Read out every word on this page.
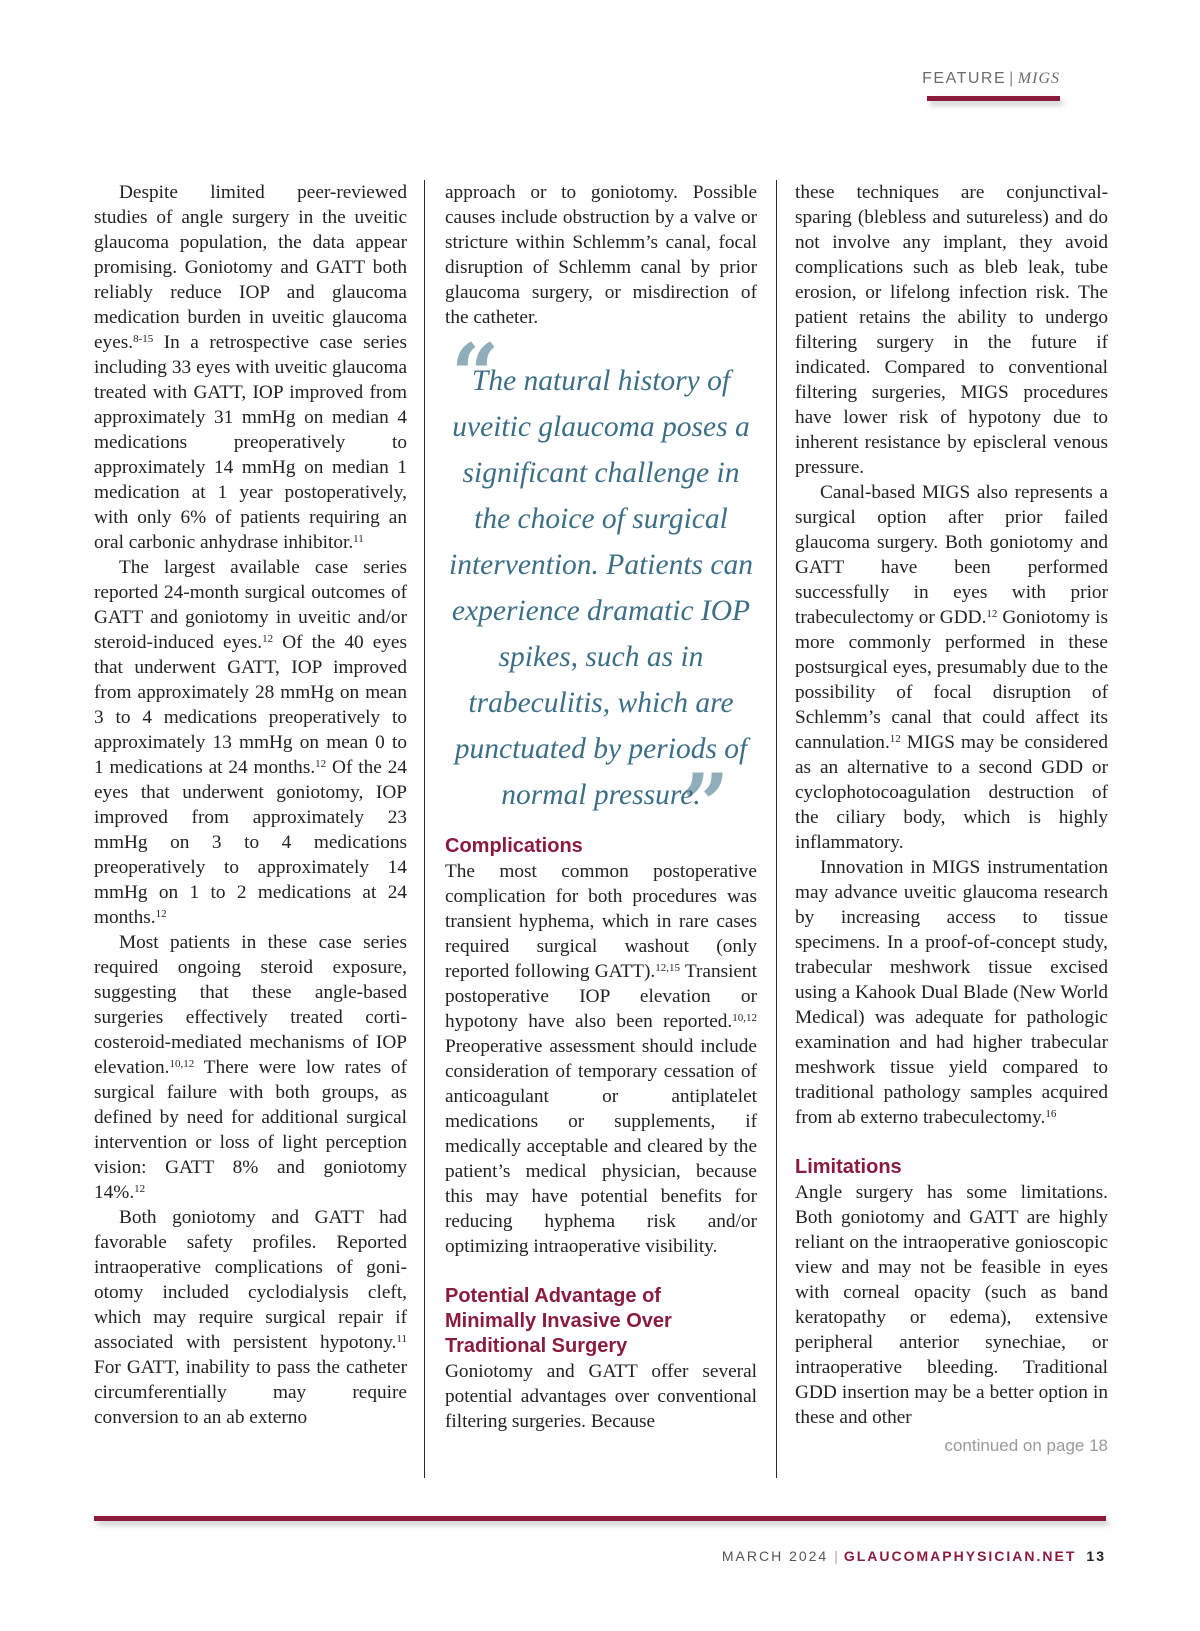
FEATURE | MIGS

Despite limited peer-reviewed studies of angle surgery in the uveitic glaucoma population, the data appear promising. Goniotomy and GATT both reliably reduce IOP and glaucoma medication burden in uveitic glaucoma eyes.$^{8-15}$ In a retrospective case series including 33 eyes with uveitic glaucoma treated with GATT, IOP improved from approximately 31 mmHg on median 4 medications preoperatively to approximately 14 mmHg on median 1 medication at 1 year postoperatively, with only 6% of patients requiring an oral carbonic anhydrase inhibitor.$^{11}$

The largest available case series reported 24-month surgical outcomes of GATT and goniotomy in uveitic and/or steroid-induced eyes.$^{12}$ Of the 40 eyes that underwent GATT, IOP improved from approximately 28 mmHg on mean 3 to 4 medications preoperatively to approximately 13 mmHg on mean 0 to 1 medications at 24 months.$^{12}$ Of the 24 eyes that underwent goniotomy, IOP improved from approximately 23 mmHg on 3 to 4 medications preoperatively to approximately 14 mmHg on 1 to 2 medications at 24 months.$^{12}$

Most patients in these case series required ongoing steroid exposure, suggesting that these angle-based surgeries effectively treated corticosteroid-mediated mechanisms of IOP elevation.$^{10,12}$ There were low rates of surgical failure with both groups, as defined by need for additional surgical intervention or loss of light perception vision: GATT 8% and goniotomy 14%.$^{12}$

Both goniotomy and GATT had favorable safety profiles. Reported intraoperative complications of goniotomy included cyclodialysis cleft, which may require surgical repair if associated with persistent hypotony.$^{11}$ For GATT, inability to pass the catheter circumferentially may require conversion to an ab externo

approach or to goniotomy. Possible causes include obstruction by a valve or stricture within Schlemm’s canal, focal disruption of Schlemm canal by prior glaucoma surgery, or misdirection of the catheter.

“
The natural history of uveitic glaucoma poses a significant challenge in the choice of surgical intervention. Patients can experience dramatic IOP spikes, such as in trabeculitis, which are punctuated by periods of normal pressure.
”
Complications

The most common postoperative complication for both procedures was transient hyphema, which in rare cases required surgical washout (only reported following GATT).$^{12,15}$ Transient postoperative IOP elevation or hypotony have also been reported.$^{10,12}$ Preoperative assessment should include consideration of temporary cessation of anticoagulant or antiplatelet medications or supplements, if medically acceptable and cleared by the patient’s medical physician, because this may have potential benefits for reducing hyphema risk and/or optimizing intraoperative visibility.

Potential Advantage of Minimally Invasive Over Traditional Surgery

Goniotomy and GATT offer several potential advantages over conventional filtering surgeries. Because

these techniques are conjunctival-sparing (blebless and sutureless) and do not involve any implant, they avoid complications such as bleb leak, tube erosion, or lifelong infection risk. The patient retains the ability to undergo filtering surgery in the future if indicated. Compared to conventional filtering surgeries, MIGS procedures have lower risk of hypotony due to inherent resistance by episcleral venous pressure.

Canal-based MIGS also represents a surgical option after prior failed glaucoma surgery. Both goniotomy and GATT have been performed successfully in eyes with prior trabeculectomy or GDD.$^{12}$ Goniotomy is more commonly performed in these postsurgical eyes, presumably due to the possibility of focal disruption of Schlemm’s canal that could affect its cannulation.$^{12}$ MIGS may be considered as an alternative to a second GDD or cyclophotocoagulation destruction of the ciliary body, which is highly inflammatory.

Innovation in MIGS instrumentation may advance uveitic glaucoma research by increasing access to tissue specimens. In a proof-of-concept study, trabecular meshwork tissue excised using a Kahook Dual Blade (New World Medical) was adequate for pathologic examination and had higher trabecular meshwork tissue yield compared to traditional pathology samples acquired from ab externo trabeculectomy.$^{16}$

Limitations

Angle surgery has some limitations. Both goniotomy and GATT are highly reliant on the intraoperative gonioscopic view and may not be feasible in eyes with corneal opacity (such as band keratopathy or edema), extensive peripheral anterior synechiae, or intraoperative bleeding. Traditional GDD insertion may be a better option in these and other

continued on page 18
MARCH 2024 | GLAUCOMAPHYSICIAN.NET 13
